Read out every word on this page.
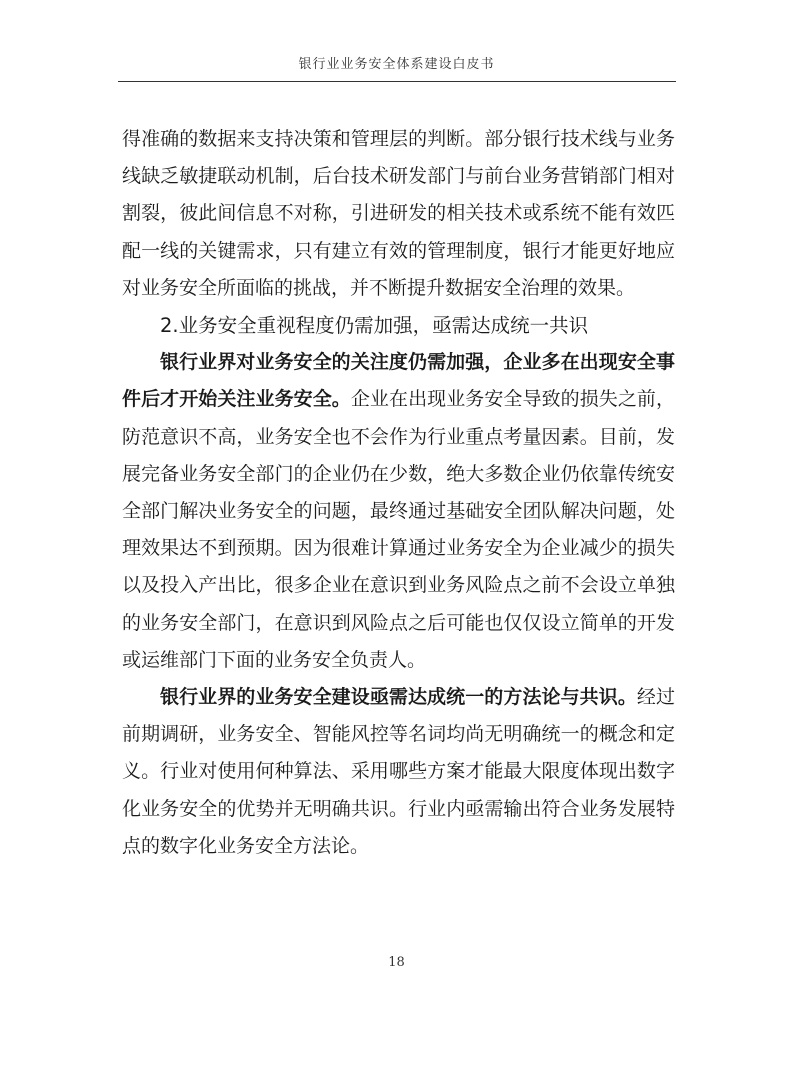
银行业业务安全体系建设白皮书

得准确的数据来支持决策和管理层的判断。部分银行技术线与业务线缺乏敏捷联动机制，后台技术研发部门与前台业务营销部门相对割裂，彼此间信息不对称，引进研发的相关技术或系统不能有效匹配一线的关键需求，只有建立有效的管理制度，银行才能更好地应对业务安全所面临的挑战，并不断提升数据安全治理的效果。

2.业务安全重视程度仍需加强，亟需达成统一共识

银行业界对业务安全的关注度仍需加强，企业多在出现安全事件后才开始关注业务安全。企业在出现业务安全导致的损失之前，防范意识不高，业务安全也不会作为行业重点考量因素。目前，发展完备业务安全部门的企业仍在少数，绝大多数企业仍依靠传统安全部门解决业务安全的问题，最终通过基础安全团队解决问题，处理效果达不到预期。因为很难计算通过业务安全为企业减少的损失以及投入产出比，很多企业在意识到业务风险点之前不会设立单独的业务安全部门，在意识到风险点之后可能也仅仅设立简单的开发或运维部门下面的业务安全负责人。

银行业界的业务安全建设亟需达成统一的方法论与共识。经过前期调研，业务安全、智能风控等名词均尚无明确统一的概念和定义。行业对使用何种算法、采用哪些方案才能最大限度体现出数字化业务安全的优势并无明确共识。行业内亟需输出符合业务发展特点的数字化业务安全方法论。

18
